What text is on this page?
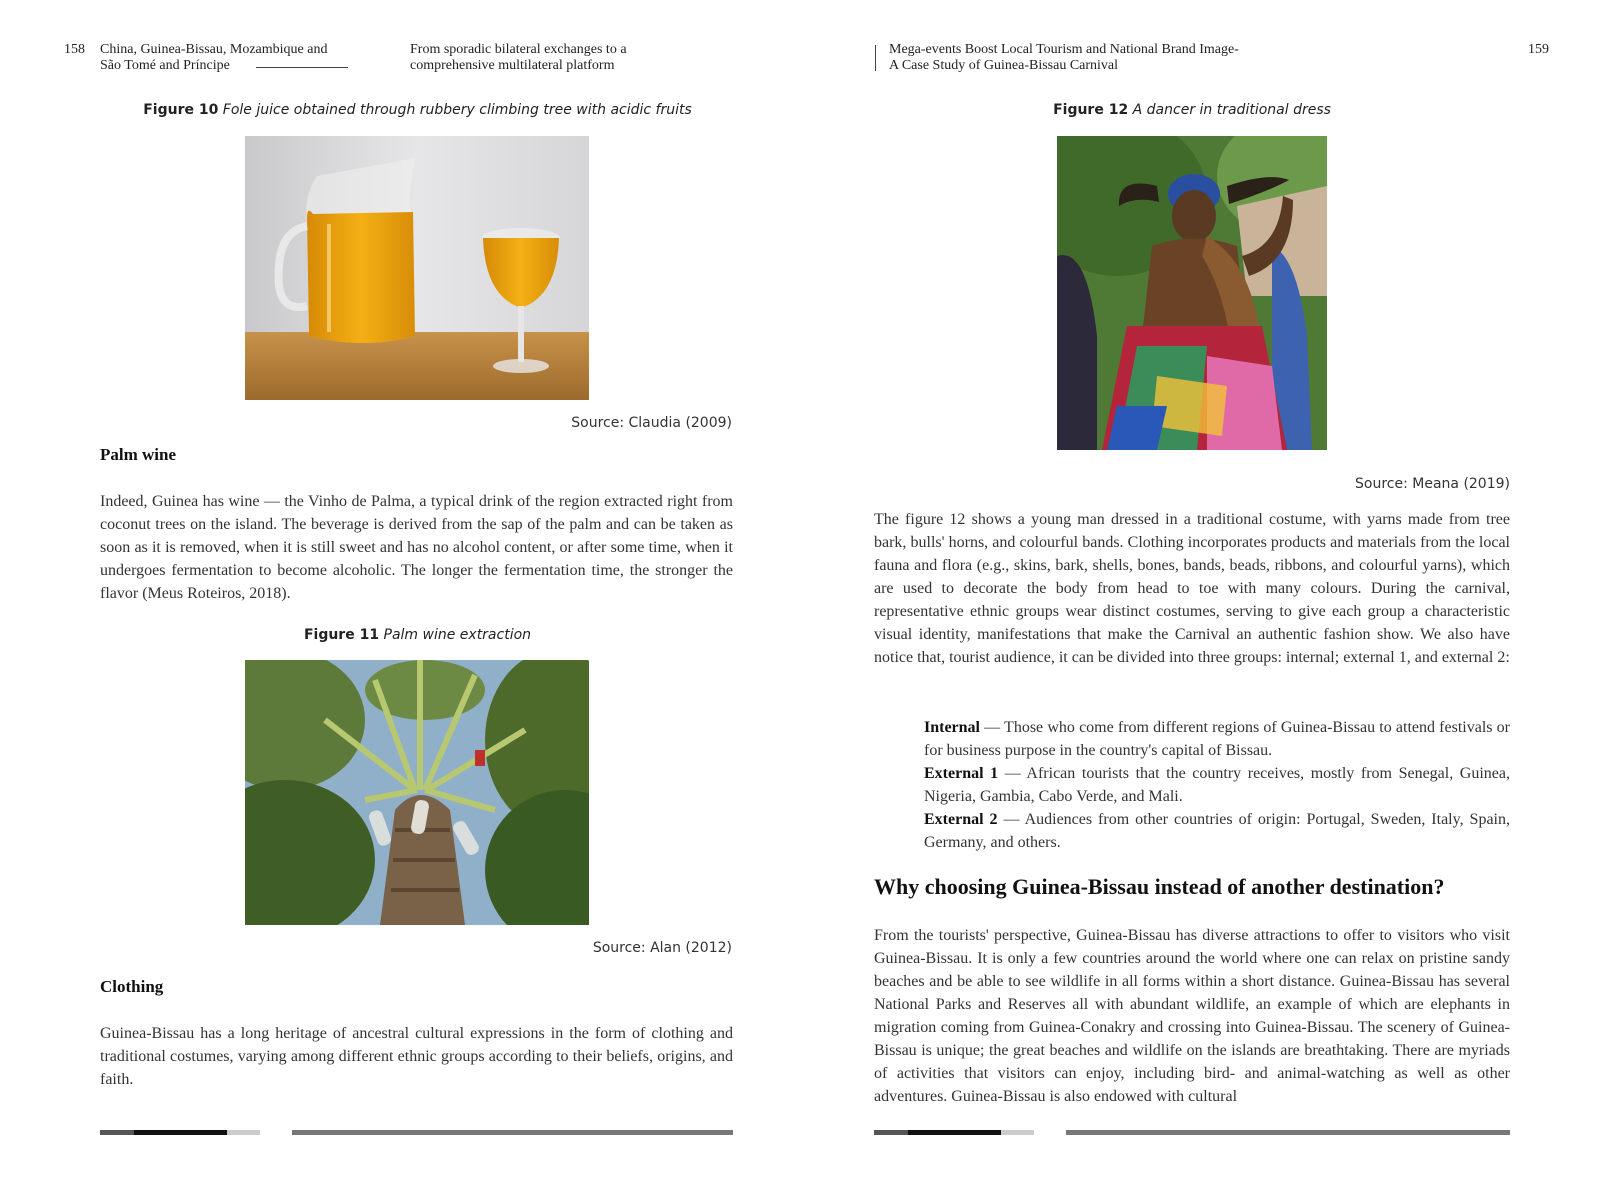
158 China, Guinea-Bissau, Mozambique and
São Tomé and Príncipe
From sporadic bilateral exchanges to a
comprehensive multilateral platform
Figure 10 Fole juice obtained through rubbery climbing tree with acidic fruits
Source: Claudia (2009)
Palm wine

Indeed, Guinea has wine — the Vinho de Palma, a typical drink of the region extracted right from coconut trees on the island. The beverage is derived from the sap of the palm and can be taken as soon as it is removed, when it is still sweet and has no alcohol content, or after some time, when it undergoes fermentation to become alcoholic. The longer the fermentation time, the stronger the flavor (Meus Roteiros, 2018).

Figure 11 Palm wine extraction
Source: Alan (2012)
Clothing

Guinea-Bissau has a long heritage of ancestral cultural expressions in the form of clothing and traditional costumes, varying among different ethnic groups according to their beliefs, origins, and faith.

Mega-events Boost Local Tourism and National Brand Image-
A Case Study of Guinea-Bissau Carnival
159
Figure 12 A dancer in traditional dress
Source: Meana (2019)

The figure 12 shows a young man dressed in a traditional costume, with yarns made from tree bark, bulls' horns, and colourful bands. Clothing incorporates products and materials from the local fauna and flora (e.g., skins, bark, shells, bones, bands, beads, ribbons, and colourful yarns), which are used to decorate the body from head to toe with many colours. During the carnival, representative ethnic groups wear distinct costumes, serving to give each group a characteristic visual identity, manifestations that make the Carnival an authentic fashion show. We also have notice that, tourist audience, it can be divided into three groups: internal; external 1, and external 2:

Internal — Those who come from different regions of Guinea-Bissau to attend festivals or for business purpose in the country's capital of Bissau.

External 1 — African tourists that the country receives, mostly from Senegal, Guinea, Nigeria, Gambia, Cabo Verde, and Mali.

External 2 — Audiences from other countries of origin: Portugal, Sweden, Italy, Spain, Germany, and others.

Why choosing Guinea-Bissau instead of another destination?

From the tourists' perspective, Guinea-Bissau has diverse attractions to offer to visitors who visit Guinea-Bissau. It is only a few countries around the world where one can relax on pristine sandy beaches and be able to see wildlife in all forms within a short distance. Guinea-Bissau has several National Parks and Reserves all with abundant wildlife, an example of which are elephants in migration coming from Guinea-Conakry and crossing into Guinea-Bissau. The scenery of Guinea-Bissau is unique; the great beaches and wildlife on the islands are breathtaking. There are myriads of activities that visitors can enjoy, including bird- and animal-watching as well as other adventures. Guinea-Bissau is also endowed with cultural
